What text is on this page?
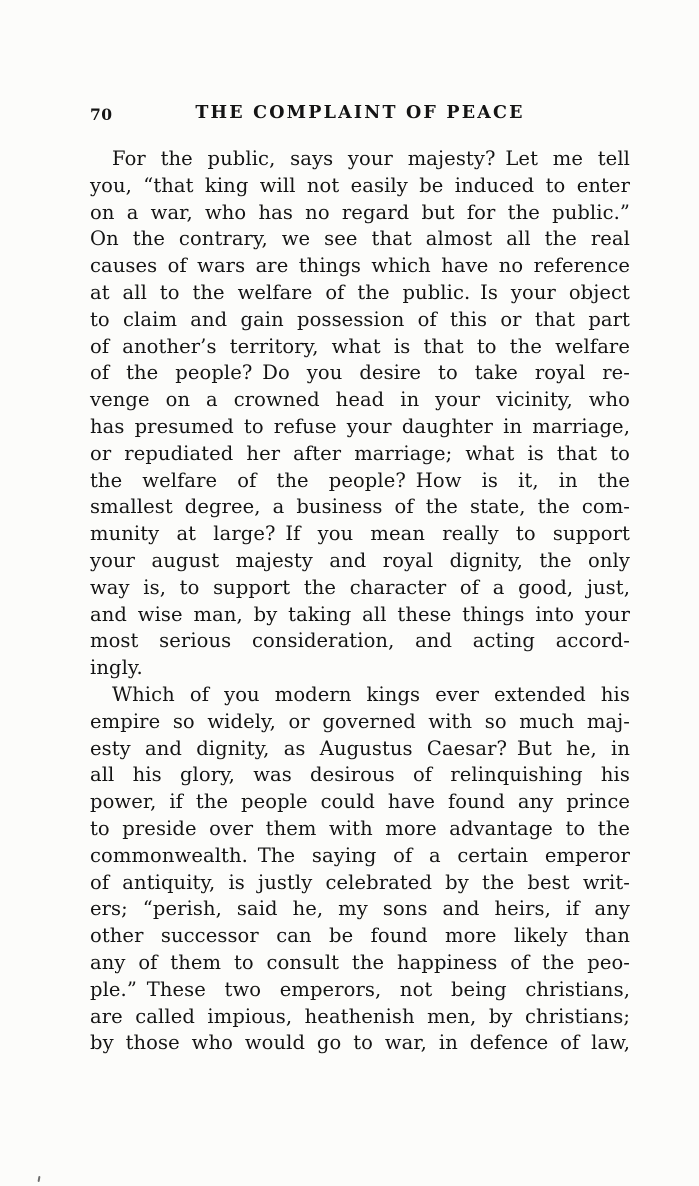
70	THE COMPLAINT OF PEACE
For the public, says your majesty? Let me tell
you, “that king will not easily be induced to enter
on a war, who has no regard but for the public.”
On the contrary, we see that almost all the real
causes of wars are things which have no reference
at all to the welfare of the public. Is your object
to claim and gain possession of this or that part
of another’s territory, what is that to the welfare
of the people? Do you desire to take royal re-
venge on a crowned head in your vicinity, who
has presumed to refuse your daughter in marriage,
or repudiated her after marriage; what is that to
the welfare of the people? How is it, in the
smallest degree, a business of the state, the com-
munity at large? If you mean really to support
your august majesty and royal dignity, the only
way is, to support the character of a good, just,
and wise man, by taking all these things into your
most serious consideration, and acting accord-
ingly.
Which of you modern kings ever extended his
empire so widely, or governed with so much maj-
esty and dignity, as Augustus Caesar? But he, in
all his glory, was desirous of relinquishing his
power, if the people could have found any prince
to preside over them with more advantage to the
commonwealth. The saying of a certain emperor
of antiquity, is justly celebrated by the best writ-
ers; “perish, said he, my sons and heirs, if any
other successor can be found more likely than
any of them to consult the happiness of the peo-
ple.” These two emperors, not being christians,
are called impious, heathenish men, by christians;
by those who would go to war, in defence of law,
